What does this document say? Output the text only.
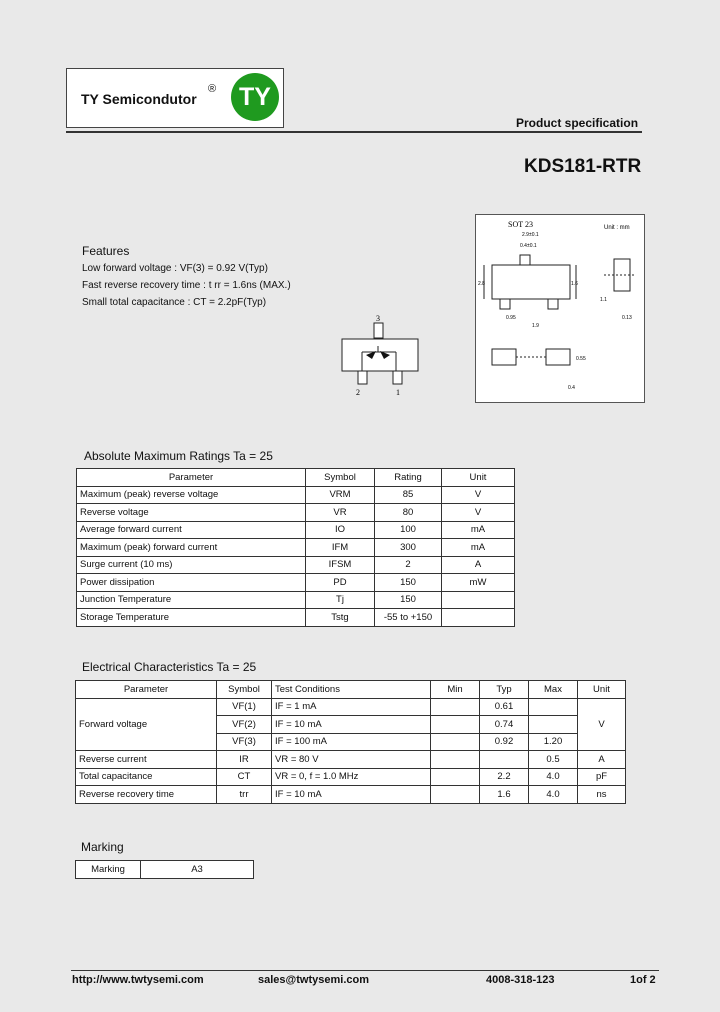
TY Semicondutor
® TY
Product specification
KDS181-RTR
Features
Low forward voltage : VF(3) = 0.92 V(Typ)
Fast reverse recovery time : t rr = 1.6ns (MAX.)
Small total capacitance : CT = 2.2pF(Typ)
3
2	1
SOT 23	Unit : mm
2.9±0.1
0.4±0.1
2.8	1.6
0.95
1.9
0.13
1.1
0.55
0.4
Absolute Maximum Ratings Ta = 25
Parameter	Symbol	Rating	Unit
Maximum (peak) reverse voltage	VRM	85	V
Reverse voltage	VR	80	V
Average forward current	IO	100	mA
Maximum (peak) forward current	IFM	300	mA
Surge current (10 ms)	IFSM	2	A
Power dissipation	PD	150	mW
Junction Temperature	Tj	150	
Storage Temperature	Tstg	-55 to +150	
Electrical Characteristics Ta = 25
Parameter	Symbol	Test Conditions	Min	Typ	Max	Unit
Forward voltage	VF(1)	IF = 1 mA		0.61		V
	VF(2)	IF = 10 mA		0.74		
	VF(3)	IF = 100 mA		0.92	1.20	
Reverse current	IR	VR = 80 V			0.5	A
Total capacitance	CT	VR = 0, f = 1.0 MHz		2.2	4.0	pF
Reverse recovery time	trr	IF = 10 mA		1.6	4.0	ns
Marking
Marking	A3
http://www.twtysemi.com	sales@twtysemi.com	4008-318-123	1of 2
